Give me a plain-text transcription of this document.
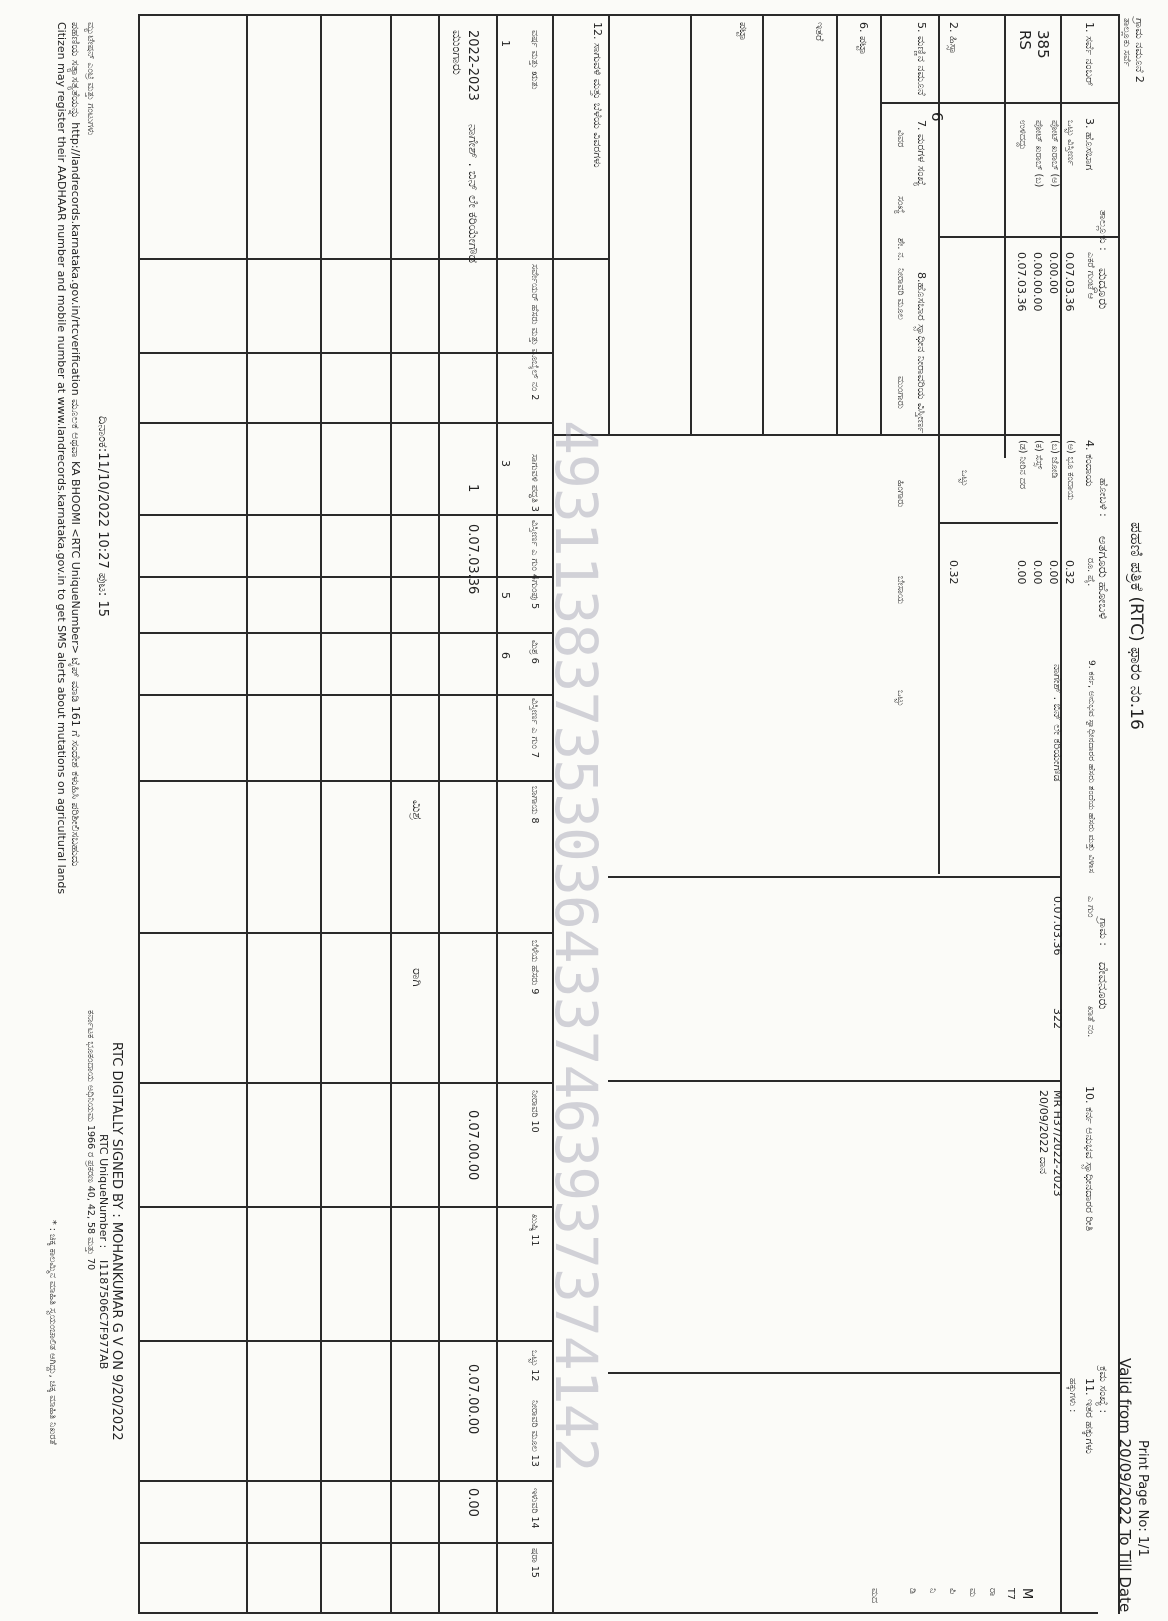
Print Page No: 1/1
Valid from 20/09/2022 To Till Date
ಕ್ರಮ ಸಂಖ್ಯೆ :
ಪಹಣಿ ಪತ್ರಿಕೆ (RTC) ಫಾರಂ ನಂ.16
ಗ್ರಾಮ :
ದೇವನೂರು
ಹೋಬಳಿ :
ಅತಗೂರು ಹೋಬಳಿ
ತಾಲ್ಲೂಕು :
ಮದ್ದೂರು
ಗ್ರಾಮ ನಮೂನೆ 2
ತಾಲ್ಲೂಕು ಸರ್ವೆ
1. ಸರ್ವೆ ನಂಬರ್
385
RS
2. ಹಿಸ್ಸಾ
6
3. ಹೊಸಬಾಗ
ಒಟ್ಟು ವಿಸ್ತೀರ್ಣ
ಪೋಟ್ ಖರಾಬ್ (ಅ)
ಪೋಟ್ ಖರಾಬ್ (ಬ)
ಉಳಿದದ್ದು
ಎಕರೆ ಗುಂಟೆ ಆ
0.07.03.36
0.00.00
0.00.00.00
0.07.03.36
4. ಕಂದಾಯ
(ಅ) ಭೂ ಕಂದಾಯ
(ಬ) ಜೋಡಿ
(ಕ) ಸೆಸ್ಸ್
(ಡ) ನೀರಿನ ದರ
ರೂ. ಪೈ.
0.32
0.00
0.00
0.00
ಒಟ್ಟು
0.32
5. ಮಣ್ಣಿನ ನಮೂನೆ
6. ಪಟ್ಟಾ
ಇತರೆ
ಪಟ್ಟಾ
7. ಮರಗಳ ಸಂಖ್ಯೆ
ವಿವರ
ಸಂಖ್ಯೆ
ಶೇ. ನ.
8.ಹೊಸಬಾರ ಸ್ವಾಧೀನ ನೀರಾವರಿಯ ವಿಸ್ತೀರ್ಣ
ನೀರಾವರಿ ಮೂಲ
ಮುಂಗಾರು
ಹಿಂಗಾರು
ಬೇಸಾಯ
ಒಟ್ಟು	9. ಕರ್ನ, ಅನುಭವ ಸ್ವಾಧೀನದಾರರ ಹೆಸರು ತಂದೆಯ ಹೆಸರು ಮತ್ತು ವಿಳಾಸ
ಎ ಗುಂ
ಖಾತೆ ನಂ.
ನಾಗೇಶ್ . ಬಿನ್ ಲೇ ಕರಿಯೇಗೌಡ
0.07.03.36
322
10. ಕರ್ನ ಅನುಭವ ಸ್ವಾಧೀನದಾರರ ರೀತಿ
MR H37/2022-2023
20/09/2022 ದಾನ
11. ಇತರ ಹಕ್ಕುಗಳು
ಹಕ್ಕುಗಳು :
M
T7
ರಾ
ಮ
ಪಿ
ನಿ
ಡಿ
ಮದ
12. ಸಾಗುವಳಿ ಮತ್ತು ಬೆಳೆಯ ವಿವರಗಳು
ವರ್ಷ ಮತ್ತು ಋತು
ಸರ್ವೇಯರ್ ಹೆಸರು ಮತ್ತು ಮೊಬೈಲ್ ನಂ 2
ಸಾಗುವಳಿ ಪದ್ಧತಿ 3
ವಿಸ್ತೀರ್ಣ ಎ ಗುಂ 4
ಗುಂಪು 5
ಮಿಶ್ರ 6
ವಿಸ್ತೀರ್ಣ ಎ ಗುಂ 7
ಬಾಗಾಯ 8
ಬೆಳೆಯ ಹೆಸರು 9
ನೀರಾವರಿ 10
ಖುಷ್ಕಿ 11
ಒಟ್ಟು 12
ನೀರಾವರಿ ಮೂಲ 13
ಇಳುವರಿ 14
ಷರಾ 15
1
3
5
6
2022-2023
ಮುಂಗಾರು
ನಾಗೇಶ್ . ಬಿನ್ ಲೇ ಕರಿಯೇಗೌಡ
1
0.07.03.36
ಮಿಶ್ರ
ರಾಗಿ
0.07.00.00
0.07.00.00
0.00
4931138373530364337463937374142
ಮ್ಯುಟೇಷನ್ ಎಂಟ್ರಿ ಮತ್ತು ಗಂಟುಗಳು
ಪಹಣಿಯ ಸತ್ಯಾಸತ್ಯತೆಯನ್ನು http://landrecords.karnataka.gov.in/rtcverification ಮೂಲಕ ಅಥವಾ KA BHOOMI <RTC UniqueNumber> ಟೈಪ್ ಮಾಡಿ 161 ಗೆ ಸಂದೇಶ ಕಳುಹಿಸಿ ಪರಿಶೀಲಿಸಬಹುದು
Citizen may register their AADHAAR number and mobile number at www.landrecords.karnataka.gov.in to get SMS alerts about mutations on agricultural lands ದಿನಾಂಕ:11/10/2022 10:27 ಪುಟ: 15
RTC DIGITALLY SIGNED BY : MOHANKUMAR G V ON 9/20/2022
RTC UniqueNumber :
I1187506C7F977AB
ಕರ್ನಾಟಕ ಭೂಕಂದಾಯ ಅಧಿನಿಯಮ 1966 ರ ಪ್ರಕರಣ 40, 42, 58 ಮತ್ತು 70
* : ಚಿಕ್ಕ ಕಾಲಮ್ಮಿನ ಮಾಹಿತಿ ಸ್ವಯಂಚಾಲಿತ ಆಗಿದ್ದು, ಚಿಕ್ಕ ಮಾಹಿತಿ ನಿಖರತೆ
